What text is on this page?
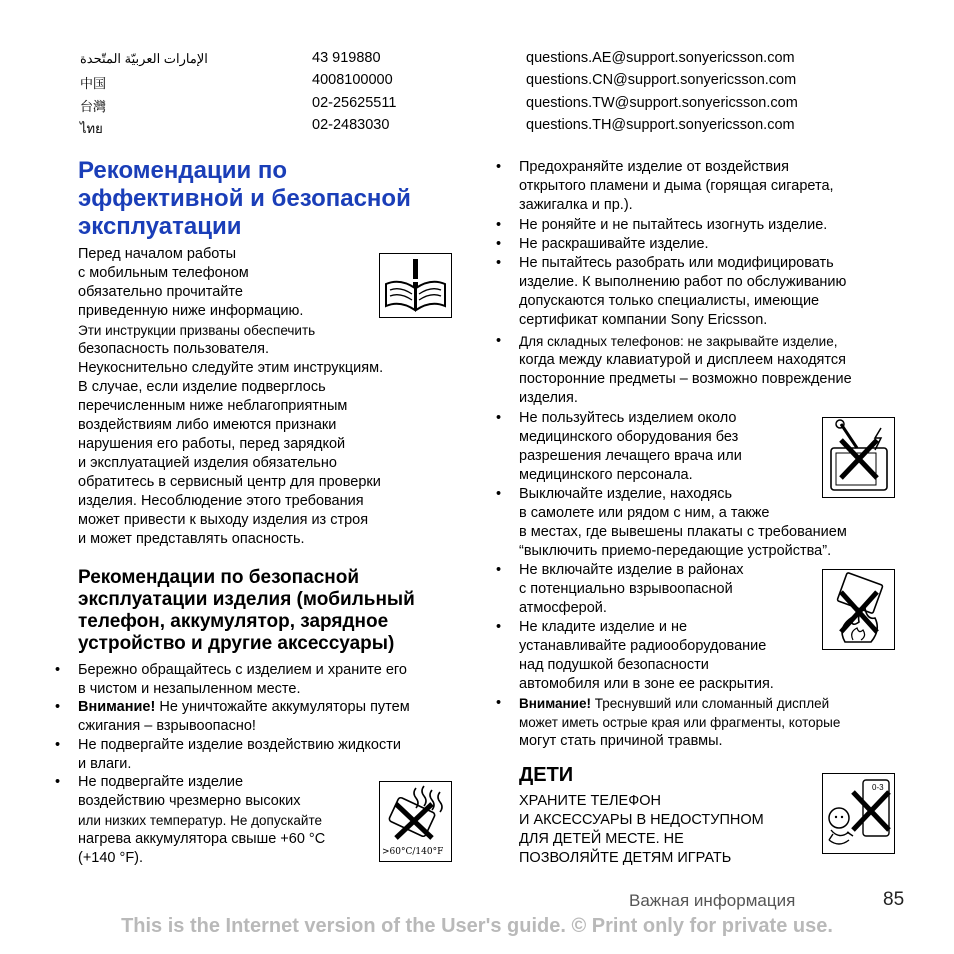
الإمارات العربيّة المتّحدة	43 919880	questions.AE@support.sonyericsson.com
中国	4008100000	questions.CN@support.sonyericsson.com
台灣	02-25625511	questions.TW@support.sonyericsson.com
ไทย	02-2483030	questions.TH@support.sonyericsson.com
Рекомендации по
эффективной и безопасной
эксплуатации
Перед началом работы
с мобильным телефоном
обязательно прочитайте
приведенную ниже информацию.
Эти инструкции призваны обеспечить
безопасность пользователя.
Неукоснительно следуйте этим инструкциям.
В случае, если изделие подверглось
перечисленным ниже неблагоприятным
воздействиям либо имеются признаки
нарушения его работы, перед зарядкой
и эксплуатацией изделия обязательно
обратитесь в сервисный центр для проверки
изделия. Несоблюдение этого требования
может привести к выходу изделия из строя
и может представлять опасность.
Рекомендации по безопасной
эксплуатации изделия (мобильный
телефон, аккумулятор, зарядное
устройство и другие аксессуары)
• Бережно обращайтесь с изделием и храните его
в чистом и незапыленном месте.
• Внимание! Не уничтожайте аккумуляторы путем
сжигания – взрывоопасно!
• Не подвергайте изделие воздействию жидкости
и влаги.
• Не подвергайте изделие
воздействию чрезмерно высоких
или низких температур. Не допускайте
нагрева аккумулятора свыше +60 °C
(+140 °F).	>60°C/140°F
• Предохраняйте изделие от воздействия
открытого пламени и дыма (горящая сигарета,
зажигалка и пр.).
• Не роняйте и не пытайтесь изогнуть изделие.
• Не раскрашивайте изделие.
• Не пытайтесь разобрать или модифицировать
изделие. К выполнению работ по обслуживанию
допускаются только специалисты, имеющие
сертификат компании Sony Ericsson.
• Для складных телефонов: не закрывайте изделие,
когда между клавиатурой и дисплеем находятся
посторонние предметы – возможно повреждение
изделия.
• Не пользуйтесь изделием около
медицинского оборудования без
разрешения лечащего врача или
медицинского персонала.
• Выключайте изделие, находясь
в самолете или рядом с ним, а также
в местах, где вывешены плакаты с требованием
“выключить приемо-передающие устройства”.
• Не включайте изделие в районах
с потенциально взрывоопасной
атмосферой.
• Не кладите изделие и не
устанавливайте радиооборудование
над подушкой безопасности
автомобиля или в зоне ее раскрытия.
• Внимание! Треснувший или сломанный дисплей
может иметь острые края или фрагменты, которые
могут стать причиной травмы.
ДЕТИ
ХРАНИТЕ ТЕЛЕФОН
И АКСЕССУАРЫ В НЕДОСТУПНОМ
ДЛЯ ДЕТЕЙ МЕСТЕ. НЕ
ПОЗВОЛЯЙТЕ ДЕТЯМ ИГРАТЬ
0-3
Важная информация	85
This is the Internet version of the User's guide. © Print only for private use.
